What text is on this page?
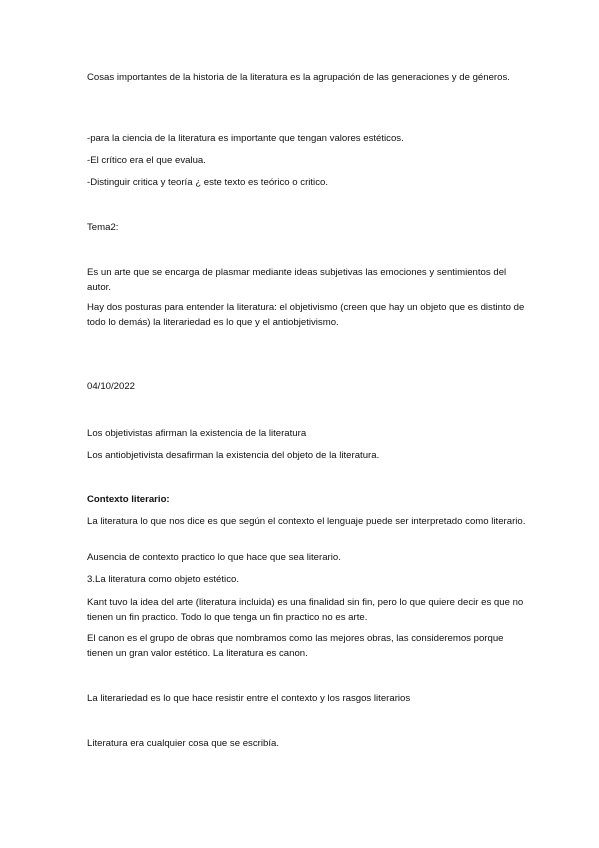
Cosas importantes de la historia de la literatura es la agrupación de las generaciones y de géneros.

-para la ciencia de la literatura es importante que tengan valores estéticos.

-El crítico era el que evalua.

-Distinguir critica y teoría ¿ este texto es teórico o critico.

Tema2:

Es un arte que se encarga de plasmar mediante ideas subjetivas las emociones y sentimientos del autor.

Hay dos posturas para entender la literatura: el objetivismo (creen que hay un objeto que es distinto de todo lo demás) la literariedad es lo que y el antiobjetivismo.

04/10/2022

Los objetivistas afirman la existencia de la literatura

Los antiobjetivista desafirman la existencia del objeto de la literatura.

Contexto literario:

La literatura lo que nos dice es que según el contexto el lenguaje puede ser interpretado como literario.

Ausencia de contexto practico lo que hace que sea literario.

3.La literatura como objeto estético.

Kant tuvo la idea del arte (literatura incluida) es una finalidad sin fin, pero lo que quiere decir es que no tienen un fin practico. Todo lo que tenga un fin practico no es arte.

El canon es el grupo de obras que nombramos como las mejores obras, las consideremos porque tienen un gran valor estético. La literatura es canon.

La literariedad es lo que hace resistir entre el contexto y los rasgos literarios

Literatura era cualquier cosa que se escribía.
